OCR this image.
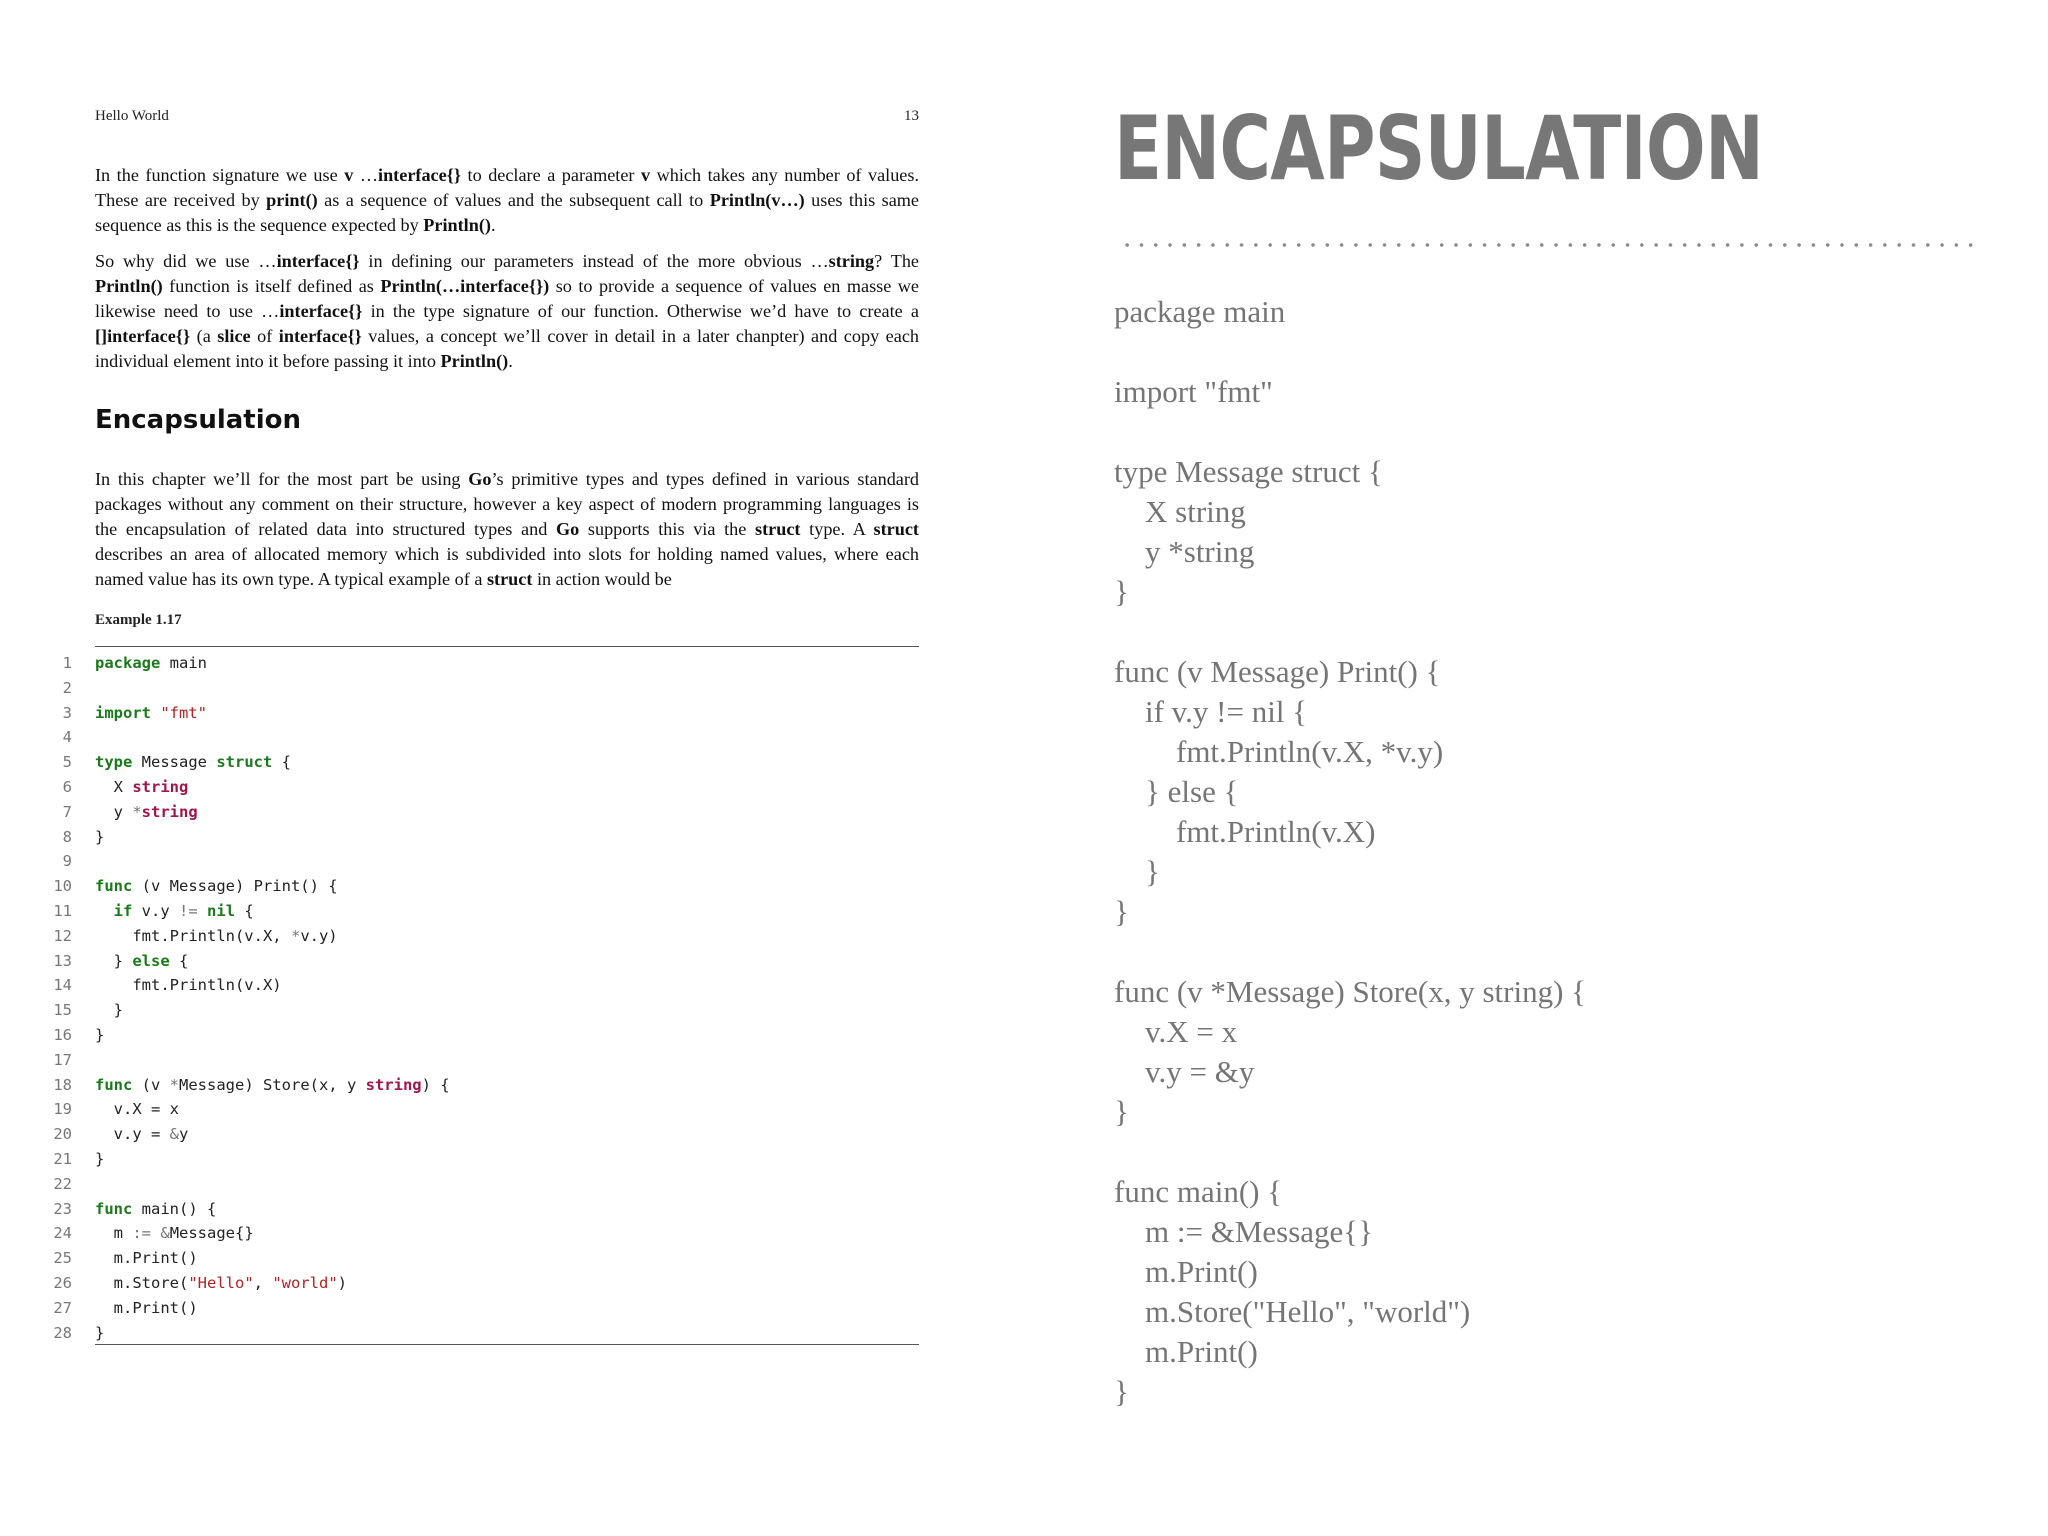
Hello World	13

In the function signature we use v …interface{} to declare a parameter v which takes any number of values. These are received by print() as a sequence of values and the subsequent call to Println(v…) uses this same sequence as this is the sequence expected by Println().

So why did we use …interface{} in defining our parameters instead of the more obvious …string? The Println() function is itself defined as Println(…interface{}) so to provide a sequence of values en masse we likewise need to use …interface{} in the type signature of our function. Otherwise we’d have to create a []interface{} (a slice of interface{} values, a concept we’ll cover in detail in a later chanpter) and copy each individual element into it before passing it into Println().

Encapsulation

In this chapter we’ll for the most part be using Go’s primitive types and types defined in various standard packages without any comment on their structure, however a key aspect of modern programming languages is the encapsulation of related data into structured types and Go supports this via the struct type. A struct describes an area of allocated memory which is subdivided into slots for holding named values, where each named value has its own type. A typical example of a struct in action would be

Example 1.17
1 package main
2
3 import "fmt"
4
5 type Message struct {
6 X string
7 y *string
8 }
9
10 func (v Message) Print() {
11	if v.y != nil {
12 fmt.Println(v.X, *v.y)
13 } else {
14 fmt.Println(v.X)
15 }
16 }
17
18 func (v *Message) Store(x, y string) {
19 v.X = x
20 v.y = &y
21 }
22
23 func main() {
24 m := &Message{}
25 m.Print()
26 m.Store("Hello", "world")
27 m.Print()
28 }
ENCAPSULATION
package main
import "fmt"
type Message struct {
X string
y *string
}
func (v Message) Print() {
if v.y != nil {
fmt.Println(v.X, *v.y)
} else {
fmt.Println(v.X)
}
}
func (v *Message) Store(x, y string) {
v.X = x
v.y = &y
}
func main() {
m := &Message{}
m.Print()
m.Store("Hello", "world")
m.Print()
}
